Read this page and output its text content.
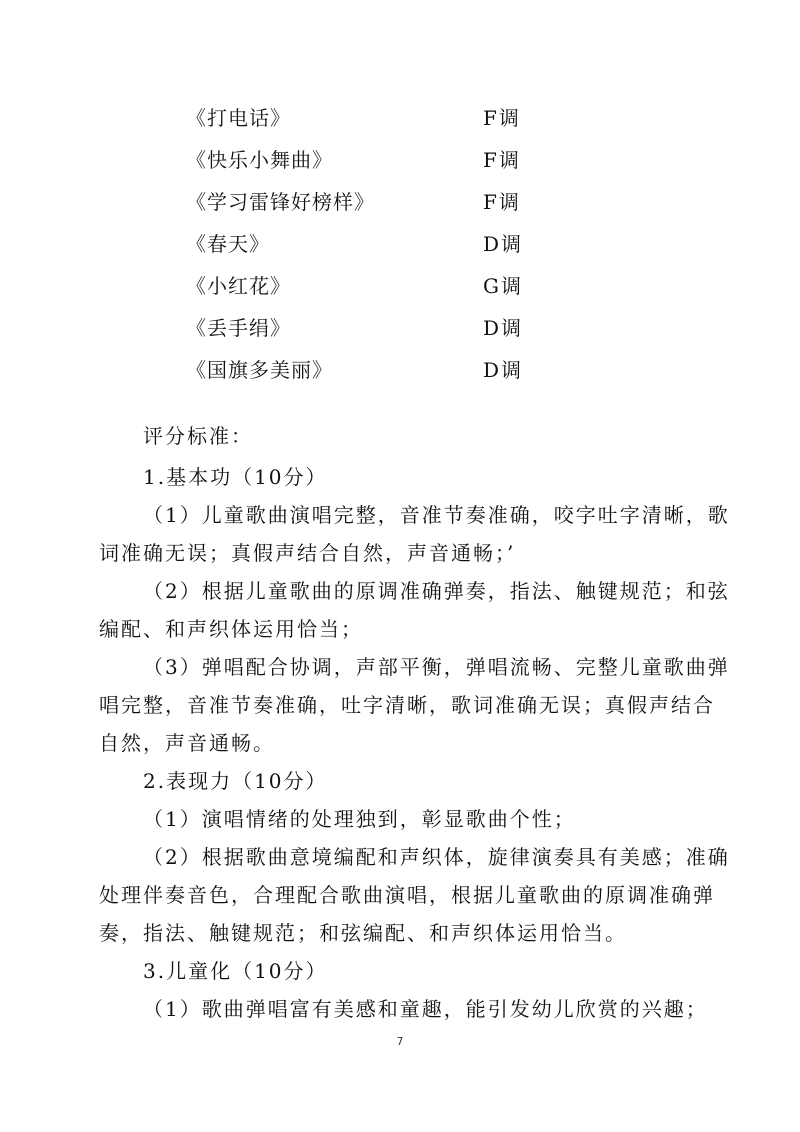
《打电话》	F调
《快乐小舞曲》	F调
《学习雷锋好榜样》	F调
《春天》	D调
《小红花》	G调
《丢手绢》	D调
《国旗多美丽》	D调
评分标准：
1.基本功（10分）
（1）儿童歌曲演唱完整，音准节奏准确，咬字吐字清晰，歌
词准确无误；真假声结合自然，声音通畅；’
（2）根据儿童歌曲的原调准确弹奏，指法、触键规范；和弦
编配、和声织体运用恰当；
（3）弹唱配合协调，声部平衡，弹唱流畅、完整儿童歌曲弹
唱完整，音准节奏准确，吐字清晰，歌词准确无误；真假声结合
自然，声音通畅。
2.表现力（10分）
（1）演唱情绪的处理独到，彰显歌曲个性；
（2）根据歌曲意境编配和声织体，旋律演奏具有美感；准确
处理伴奏音色，合理配合歌曲演唱，根据儿童歌曲的原调准确弹
奏，指法、触键规范；和弦编配、和声织体运用恰当。
3.儿童化（10分）
（1）歌曲弹唱富有美感和童趣，能引发幼儿欣赏的兴趣；
7
